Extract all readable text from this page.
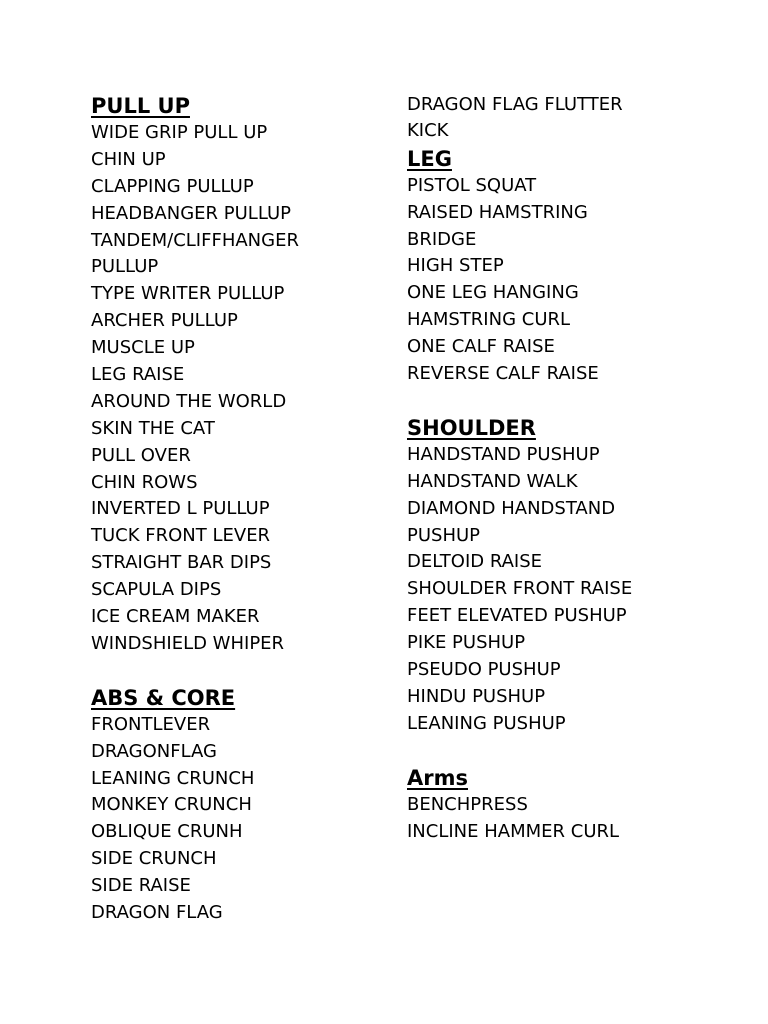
PULL UP
WIDE GRIP PULL UP
CHIN UP
CLAPPING PULLUP
HEADBANGER PULLUP
TANDEM/CLIFFHANGER
PULLUP
TYPE WRITER PULLUP
ARCHER PULLUP
MUSCLE UP
LEG RAISE
AROUND THE WORLD
SKIN THE CAT
PULL OVER
CHIN ROWS
INVERTED L PULLUP
TUCK FRONT LEVER
STRAIGHT BAR DIPS
SCAPULA DIPS
ICE CREAM MAKER
WINDSHIELD WHIPER
ABS & CORE
FRONTLEVER
DRAGONFLAG
LEANING CRUNCH
MONKEY CRUNCH
OBLIQUE CRUNH
SIDE CRUNCH
SIDE RAISE
DRAGON FLAG
DRAGON FLAG FLUTTER
KICK
LEG
PISTOL SQUAT
RAISED HAMSTRING
BRIDGE
HIGH STEP
ONE LEG HANGING
HAMSTRING CURL
ONE CALF RAISE
REVERSE CALF RAISE
SHOULDER
HANDSTAND PUSHUP
HANDSTAND WALK
DIAMOND HANDSTAND
PUSHUP
DELTOID RAISE
SHOULDER FRONT RAISE
FEET ELEVATED PUSHUP
PIKE PUSHUP
PSEUDO PUSHUP
HINDU PUSHUP
LEANING PUSHUP
Arms
BENCHPRESS
INCLINE HAMMER CURL
